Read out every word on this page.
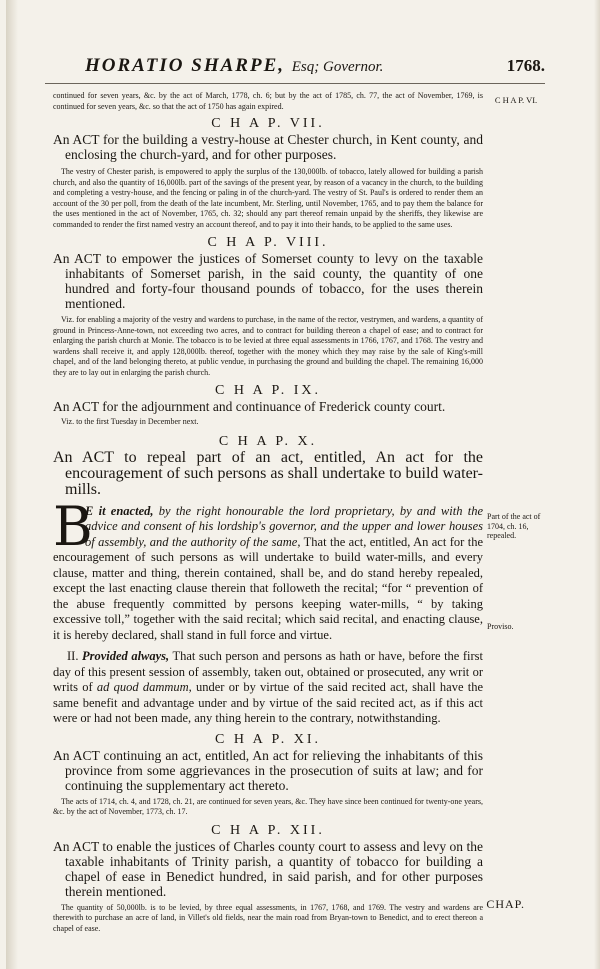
HORATIO SHARPE, Esq; Governor.	1768.
C H A P. VI.
Part of the act of 1704, ch. 16, repealed.
Proviso.

continued for seven years, &c. by the act of March, 1778, ch. 6; but by the act of 1785, ch. 77, the act of November, 1769, is continued for seven years, &c. so that the act of 1750 has again expired.

C H A P. VII.

An ACT for the building a vestry-house at Chester church, in Kent county, and enclosing the church-yard, and for other purposes.

The vestry of Chester parish, is empowered to apply the surplus of the 130,000lb. of tobacco, lately allowed for building a parish church, and also the quantity of 16,000lb. part of the savings of the present year, by reason of a vacancy in the church, to the building and completing a vestry-house, and the fencing or paling in of the church-yard. The vestry of St. Paul's is ordered to render them an account of the 30 per poll, from the death of the late incumbent, Mr. Sterling, until November, 1765, and to pay them the balance for the uses mentioned in the act of November, 1765, ch. 32; should any part thereof remain unpaid by the sheriffs, they likewise are commanded to render the first named vestry an account thereof, and to pay it into their hands, to be applied to the same uses.

C H A P. VIII.

An ACT to empower the justices of Somerset county to levy on the taxable inhabitants of Somerset parish, in the said county, the quantity of one hundred and forty-four thousand pounds of tobacco, for the uses therein mentioned.

Viz. for enabling a majority of the vestry and wardens to purchase, in the name of the rector, vestrymen, and wardens, a quantity of ground in Princess-Anne-town, not exceeding two acres, and to contract for building thereon a chapel of ease; and to contract for enlarging the parish church at Monie. The tobacco is to be levied at three equal assessments in 1766, 1767, and 1768. The vestry and wardens shall receive it, and apply 128,000lb. thereof, together with the money which they may raise by the sale of King's-mill chapel, and of the land belonging thereto, at public vendue, in purchasing the ground and building the chapel. The remaining 16,000 they are to lay out in enlarging the parish church.

C H A P. IX.

An ACT for the adjournment and continuance of Frederick county court.

Viz. to the first Tuesday in December next.

C H A P. X.

An ACT to repeal part of an act, entitled, An act for the encouragement of such persons as shall undertake to build water-mills.

B
E it enacted, by the right honourable the lord proprietary, by and with the advice and consent of his lordship's governor, and the upper and lower houses of assembly, and the authority of the same, That the act, entitled, An act for the encouragement of such persons as will undertake to build water-mills, and every clause, matter and thing, therein contained, shall be, and do stand hereby repealed, except the last enacting clause therein that followeth the recital; “for “ prevention of the abuse frequently committed by persons keeping water-mills, “ by taking excessive toll,” together with the said recital; which said recital, and enacting clause, it is hereby declared, shall stand in full force and virtue.

II. Provided always, That such person and persons as hath or have, before the first day of this present session of assembly, taken out, obtained or prosecuted, any writ or writs of ad quod dammum, under or by virtue of the said recited act, shall have the same benefit and advantage under and by virtue of the said recited act, as if this act were or had not been made, any thing herein to the contrary, notwithstanding.

C H A P. XI.

An ACT continuing an act, entitled, An act for relieving the inhabitants of this province from some aggrievances in the prosecution of suits at law; and for continuing the supplementary act thereto.

The acts of 1714, ch. 4, and 1728, ch. 21, are continued for seven years, &c. They have since been continued for twenty-one years, &c. by the act of November, 1773, ch. 17.

C H A P. XII.

An ACT to enable the justices of Charles county court to assess and levy on the taxable inhabitants of Trinity parish, a quantity of tobacco for building a chapel of ease in Benedict hundred, in said parish, and for other purposes therein mentioned.

The quantity of 50,000lb. is to be levied, by three equal assessments, in 1767, 1768, and 1769. The vestry and wardens are therewith to purchase an acre of land, in Villet's old fields, near the main road from Bryan-town to Benedict, and to erect thereon a chapel of ease.

CHAP.
